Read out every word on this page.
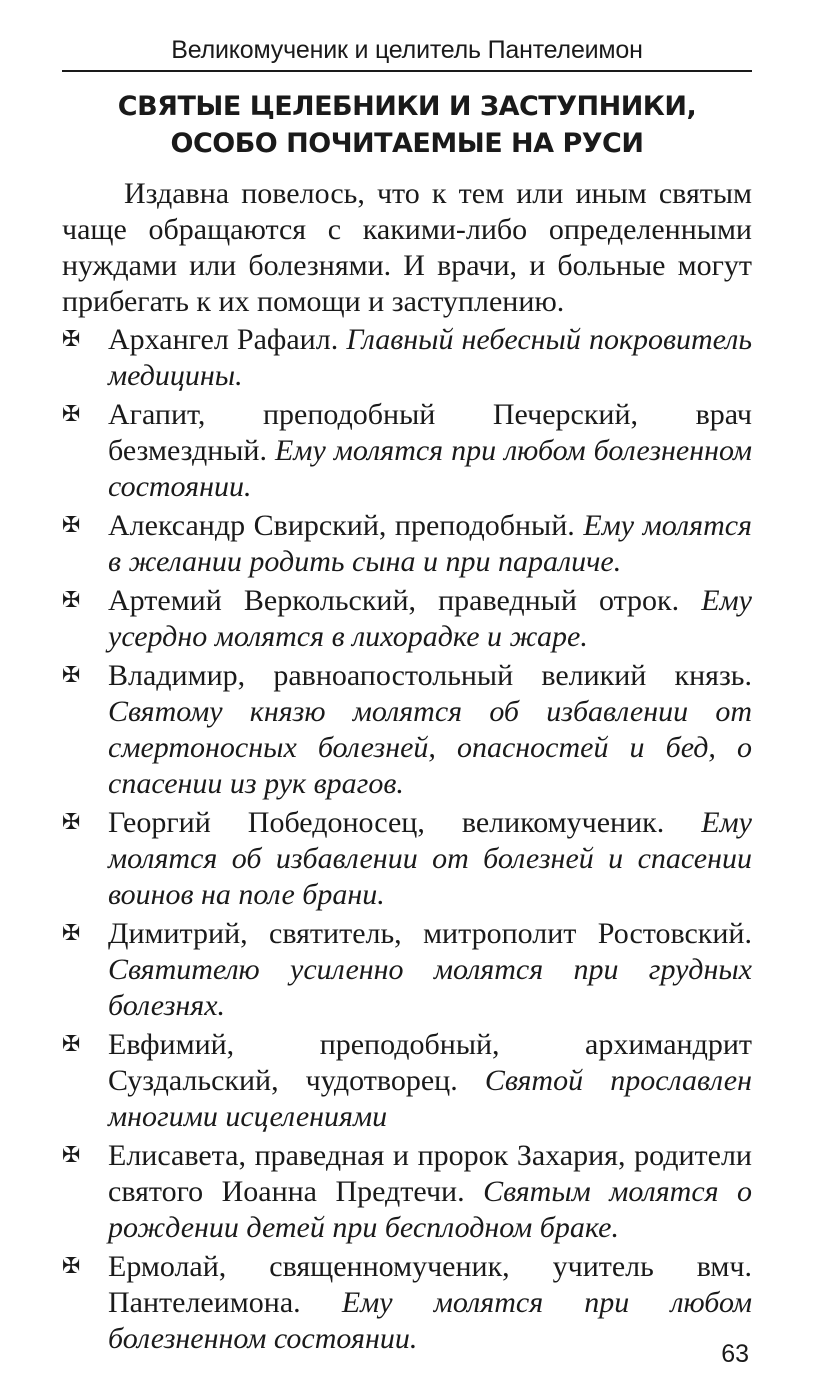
Великомученик и целитель Пантелеимон
СВЯТЫЕ ЦЕЛЕБНИКИ И ЗАСТУПНИКИ,
ОСОБО ПОЧИТАЕМЫЕ НА РУСИ

Издавна повелось, что к тем или иным святым чаще обращаются с какими-либо определенными нуждами или болезнями. И врачи, и больные могут прибегать к их помощи и заступлению.

✠ Архангел Рафаил. Главный небесный покровитель медицины.
✠ Агапит, преподобный Печерский, врач безмездный. Ему молятся при любом болезненном состоянии.
✠ Александр Свирский, преподобный. Ему молятся в желании родить сына и при параличе.
✠ Артемий Веркольский, праведный отрок. Ему усердно молятся в лихорадке и жаре.
✠ Владимир, равноапостольный великий князь. Святому князю молятся об избавлении от смертоносных болезней, опасностей и бед, о спасении из рук врагов.
✠ Георгий Победоносец, великомученик. Ему молятся об избавлении от болезней и спасении воинов на поле брани.
✠ Димитрий, святитель, митрополит Ростовский. Святителю усиленно молятся при грудных болезнях.
✠ Евфимий, преподобный, архимандрит Суздальский, чудотворец. Святой прославлен многими исцелениями
✠ Елисавета, праведная и пророк Захария, родители святого Иоанна Предтечи. Святым молятся о рождении детей при бесплодном браке.
✠ Ермолай, священномученик, учитель вмч. Пантелеимона. Ему молятся при любом болезненном состоянии.	63
